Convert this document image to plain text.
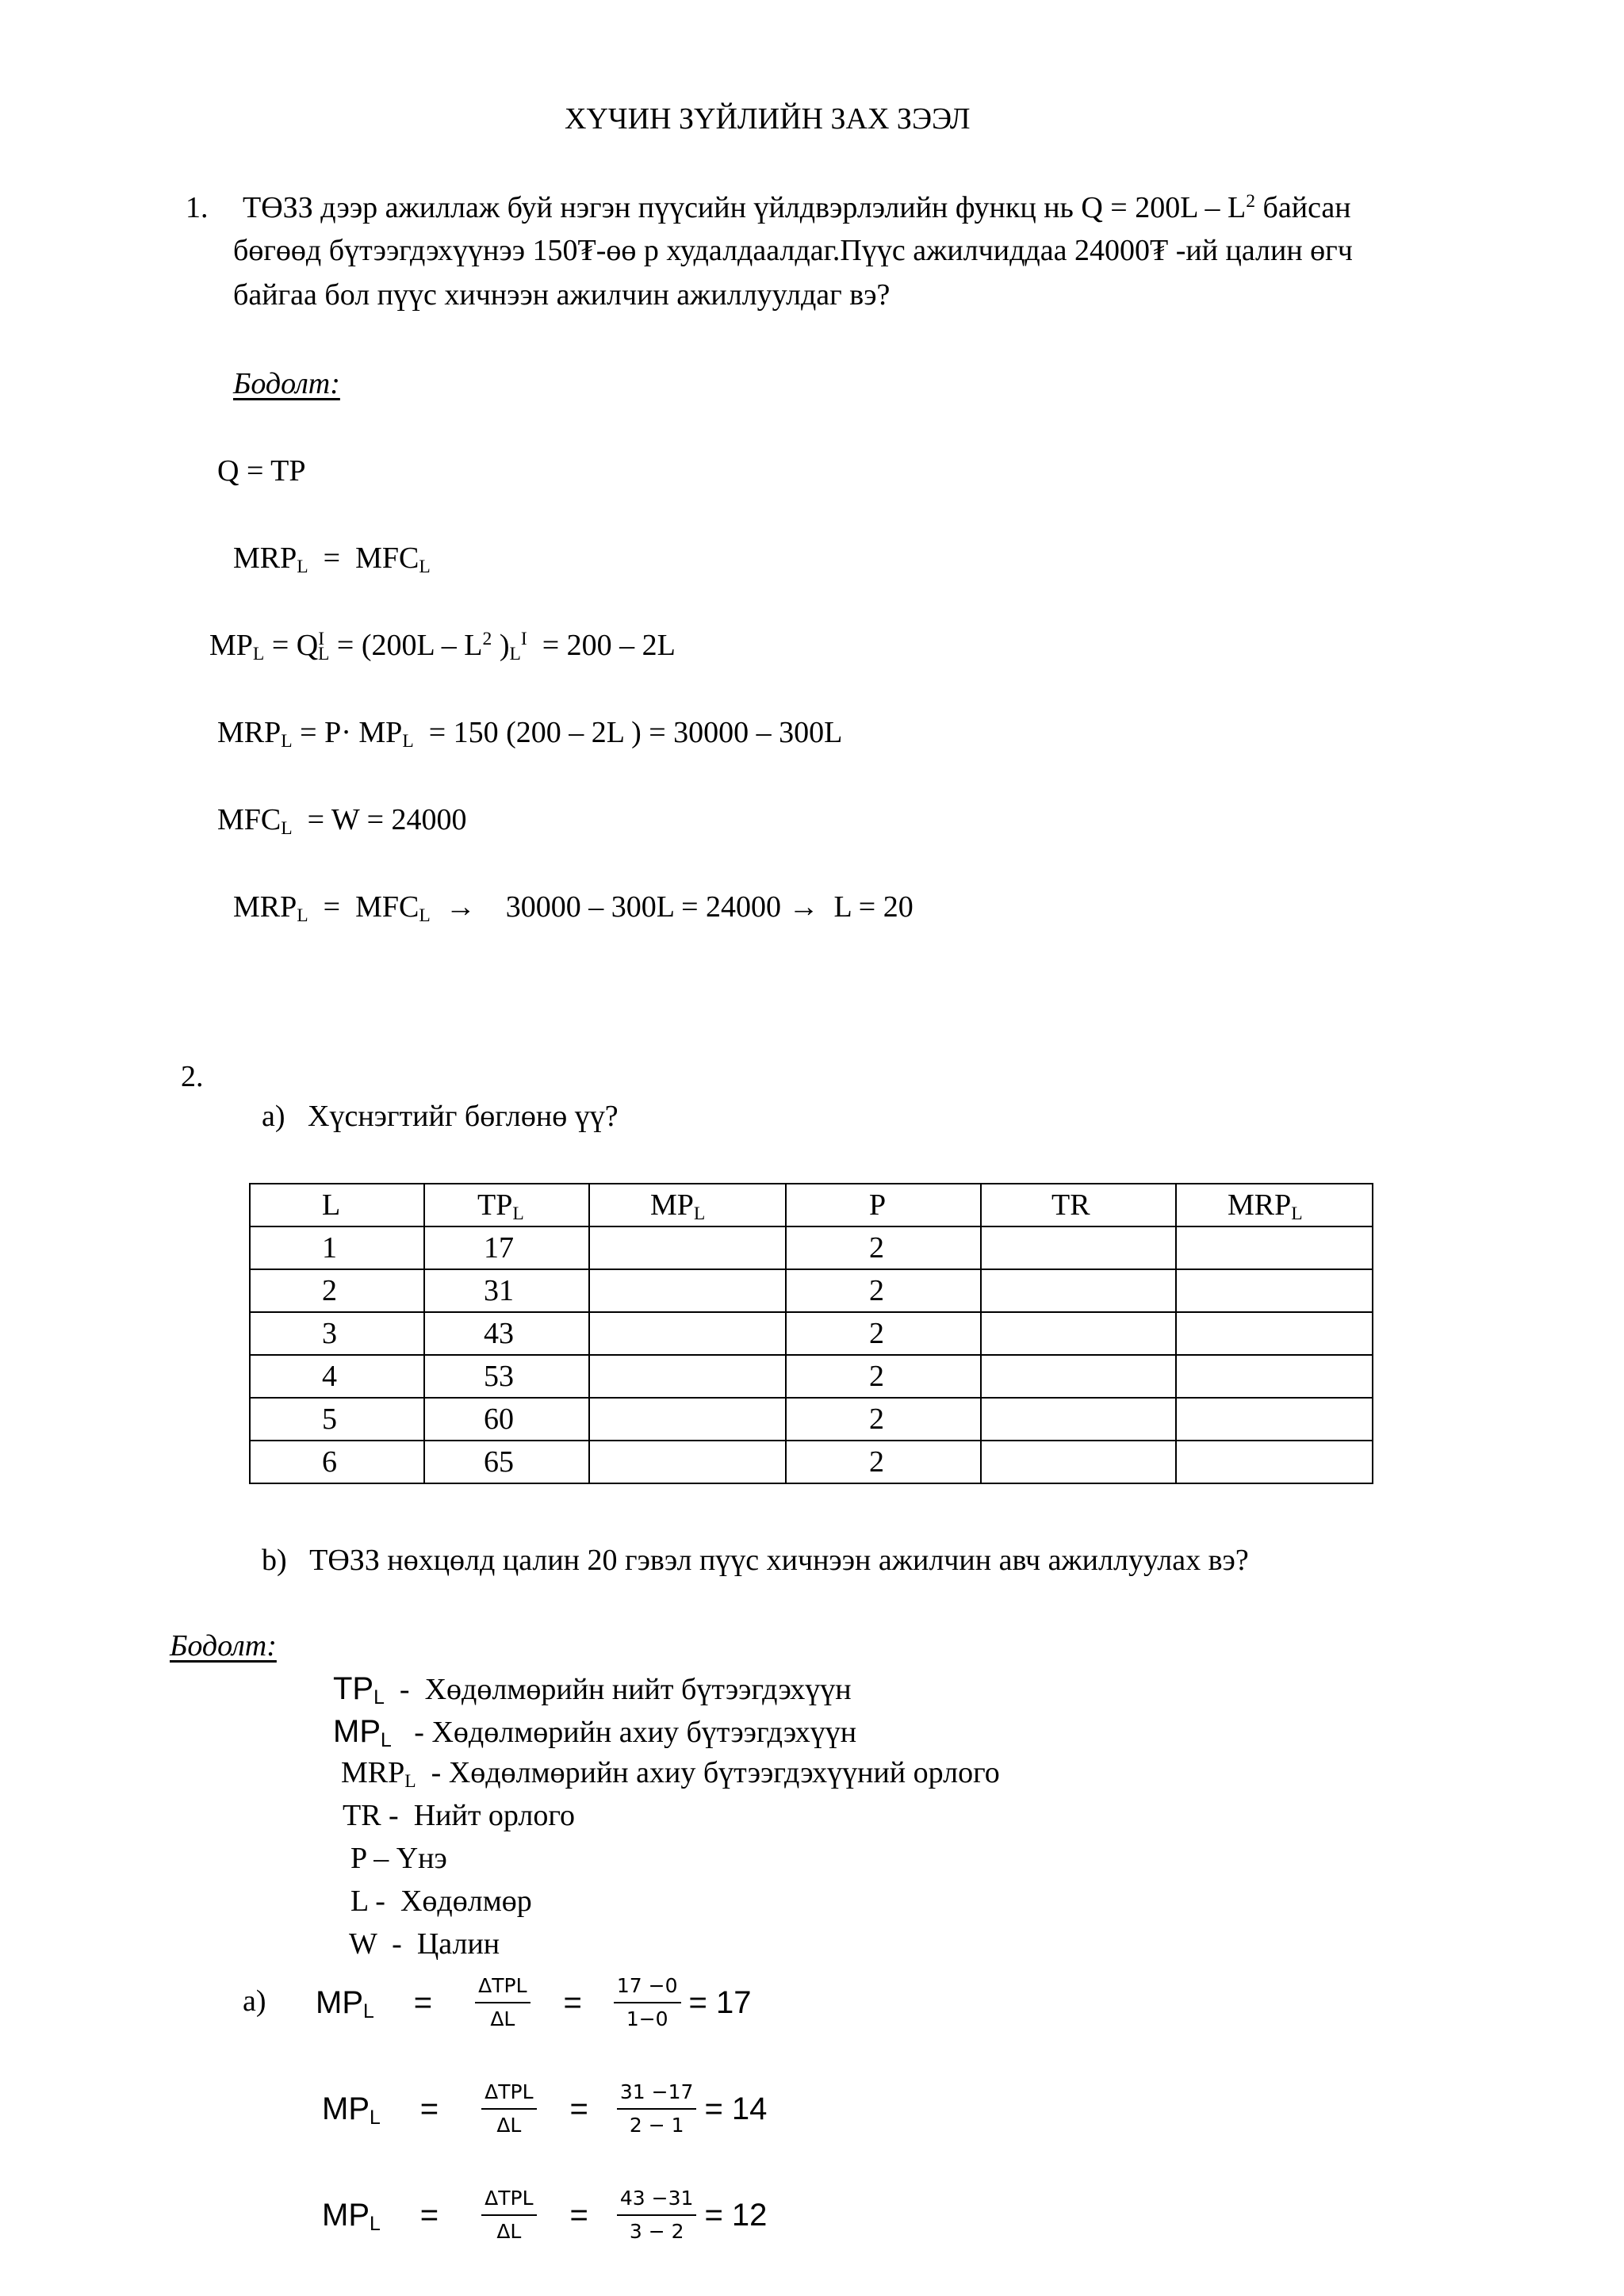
ХҮЧИН ЗҮЙЛИЙН ЗАХ ЗЭЭЛ
1. ТӨЗЗ дээр ажиллаж буй нэгэн пүүсийн үйлдвэрлэлийн функц нь $Q = 200L - L^2$ байсан
бөгөөд бүтээгдэхүүнээ 150₮-өө р худалдаалдаг.Пүүс ажилчиддаа 24000₮ -ий цалин өгч
байгаа бол пүүс хичнээн ажилчин ажиллуулдаг вэ?
Бодолт:
Q = TP
$MRP_L = MFC_L$
$MP_L = Q^I_L = (200L - L^2$ )$_L^I = 200 - 2L$
$MRP_L = P\cdot MP_L = 150$ (200 – 2L ) = 30000 – 300L
$MFC_L = W = 24000$
$MRP_L = MFC_L$  →    30000 – 300L = 24000 →  L = 20
2.
a)   Хүснэгтийг бөглөнө үү?
L	$TP_L$	$MP_L$	P	TR	$MRP_L$
1	17		2		
2	31		2		
3	43		2		
4	53		2		
5	60		2		
6	65		2		
b)   ТӨЗЗ нөхцөлд цалин 20 гэвэл пүүс хичнээн ажилчин авч ажиллуулах вэ?
Бодолт:
$TP_L$  -  Хөдөлмөрийн нийт бүтээгдэхүүн
$MP_L$   - Хөдөлмөрийн ахиу бүтээгдэхүүн
$MRP_L$  - Хөдөлмөрийн ахиу бүтээгдэхүүний орлого
TR -  Нийт орлого
P – Үнэ
L -  Хөдөлмөр
W  -  Цалин
a) $MP_L = \frac{\text{ΔTPL}}{\Delta L} = \frac{17 -0}{1-0} = 17$
$MP_L = \frac{\text{ΔTPL}}{\Delta L} = \frac{31 -17}{2 - 1} = 14$
$MP_L = \frac{\text{ΔTPL}}{\Delta L} = \frac{43 -31}{3 - 2} = 12$
